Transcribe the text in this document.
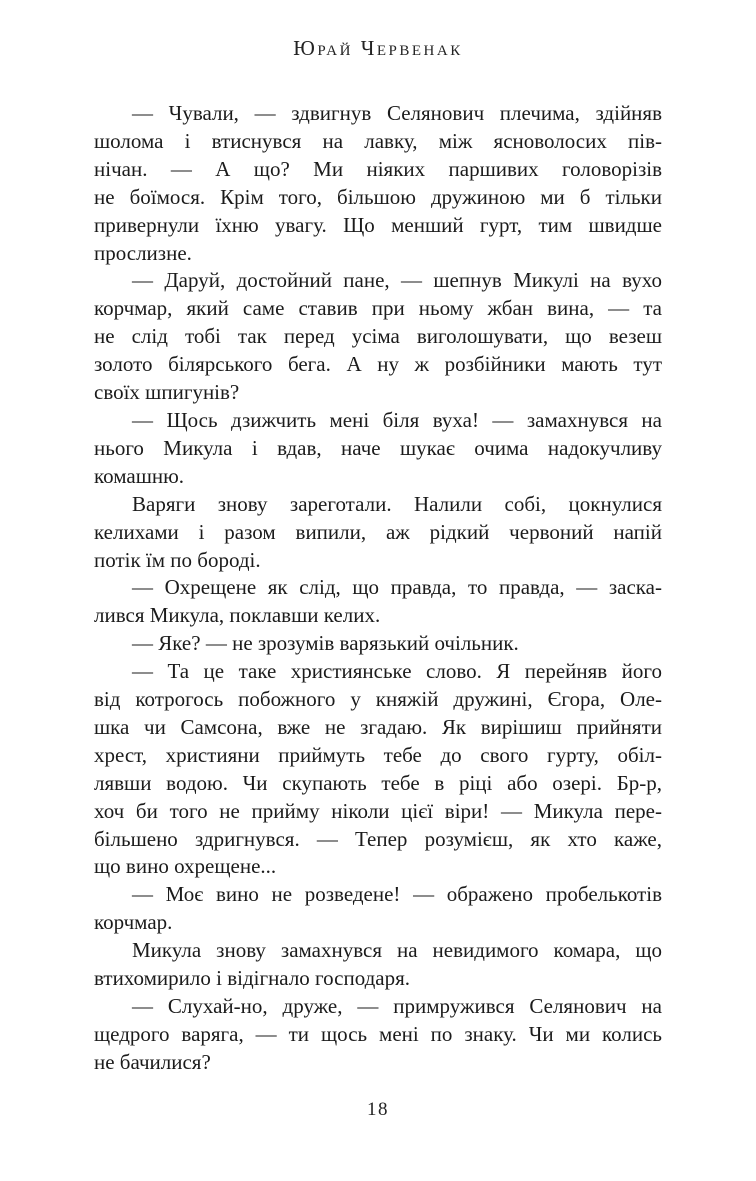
Юрай Червенак
— Чували, — здвигнув Селянович плечима, здійняв
шолома і втиснувся на лавку, між ясноволосих пів-
нічан. — А що? Ми ніяких паршивих головорізів
не боїмося. Крім того, більшою дружиною ми б тільки
привернули їхню увагу. Що менший гурт, тим швидше
прослизне.
— Даруй, достойний пане, — шепнув Микулі на вухо
корчмар, який саме ставив при ньому жбан вина, — та
не слід тобі так перед усіма виголошувати, що везеш
золото білярського бега. А ну ж розбійники мають тут
своїх шпигунів?
— Щось дзижчить мені біля вуха! — замахнувся на
нього Микула і вдав, наче шукає очима надокучливу
комашню.
Варяги знову зареготали. Налили собі, цокнулися
келихами і разом випили, аж рідкий червоний напій
потік їм по бороді.
— Охрещене як слід, що правда, то правда, — заска-
лився Микула, поклавши келих.
— Яке? — не зрозумів варязький очільник.
— Та це таке християнське слово. Я перейняв його
від котрогось побожного у княжій дружині, Єгора, Оле-
шка чи Самсона, вже не згадаю. Як вирішиш прийняти
хрест, християни приймуть тебе до свого гурту, обіл-
лявши водою. Чи скупають тебе в ріці або озері. Бр-р,
хоч би того не прийму ніколи цієї віри! — Микула пере-
більшено здригнувся. — Тепер розумієш, як хто каже,
що вино охрещене...
— Моє вино не розведене! — ображено пробелькотів
корчмар.
Микула знову замахнувся на невидимого комара, що
втихомирило і відігнало господаря.
— Слухай-но, друже, — примружився Селянович на
щедрого варяга, — ти щось мені по знаку. Чи ми колись
не бачилися?
18
